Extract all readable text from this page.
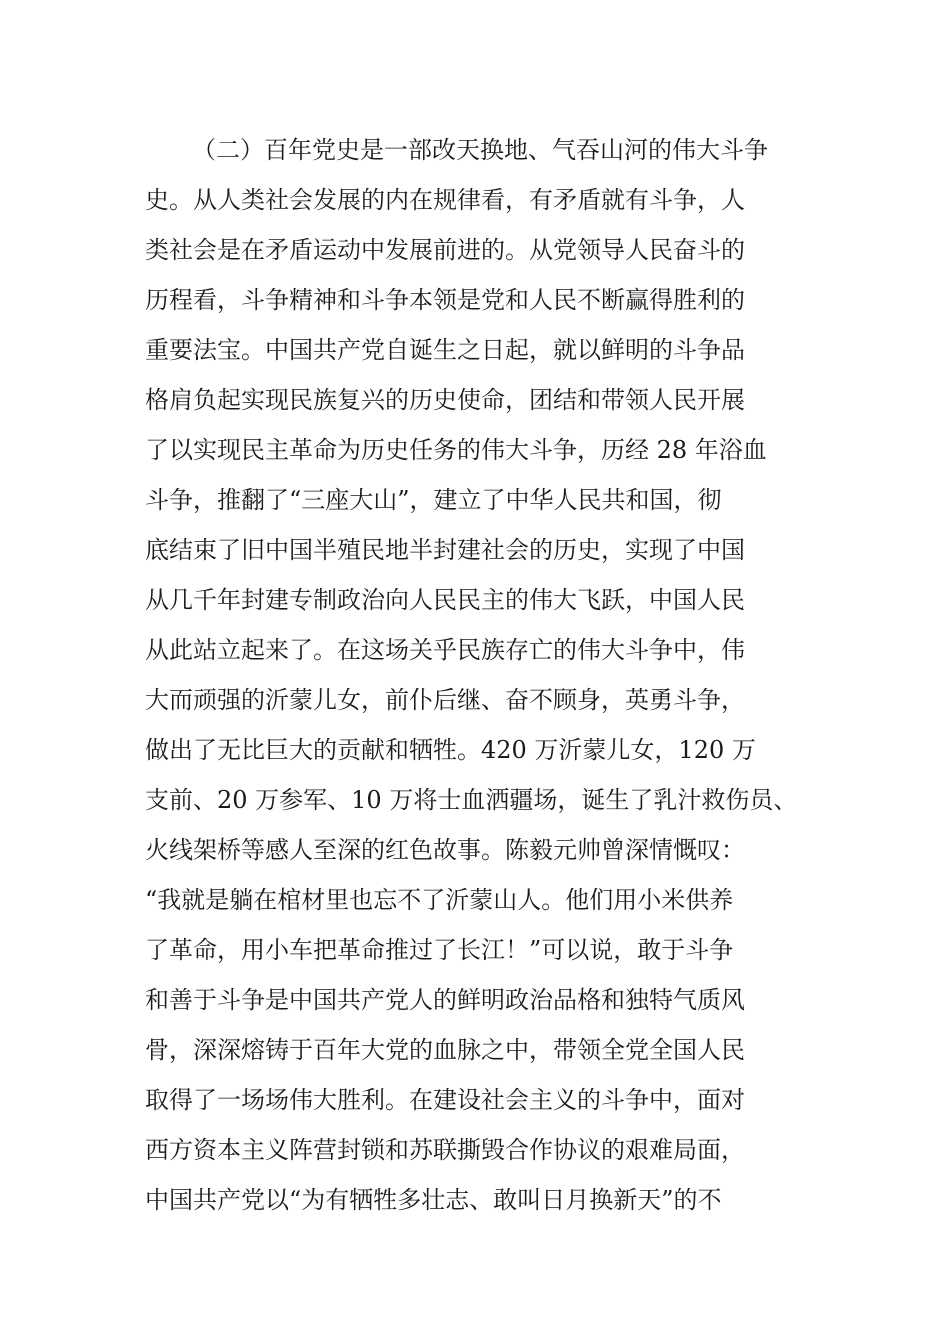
（二）百年党史是一部改天换地、气吞山河的伟大斗争
史。从人类社会发展的内在规律看，有矛盾就有斗争，人
类社会是在矛盾运动中发展前进的。从党领导人民奋斗的
历程看，斗争精神和斗争本领是党和人民不断赢得胜利的
重要法宝。中国共产党自诞生之日起，就以鲜明的斗争品
格肩负起实现民族复兴的历史使命，团结和带领人民开展
了以实现民主革命为历史任务的伟大斗争，历经 28 年浴血
斗争，推翻了“三座大山”，建立了中华人民共和国，彻
底结束了旧中国半殖民地半封建社会的历史，实现了中国
从几千年封建专制政治向人民民主的伟大飞跃，中国人民
从此站立起来了。在这场关乎民族存亡的伟大斗争中，伟
大而顽强的沂蒙儿女，前仆后继、奋不顾身，英勇斗争，
做出了无比巨大的贡献和牺牲。420 万沂蒙儿女，120 万
支前、20 万参军、10 万将士血洒疆场，诞生了乳汁救伤员、
火线架桥等感人至深的红色故事。陈毅元帅曾深情慨叹：
“我就是躺在棺材里也忘不了沂蒙山人。他们用小米供养
了革命，用小车把革命推过了长江！”可以说，敢于斗争
和善于斗争是中国共产党人的鲜明政治品格和独特气质风
骨，深深熔铸于百年大党的血脉之中，带领全党全国人民
取得了一场场伟大胜利。在建设社会主义的斗争中，面对
西方资本主义阵营封锁和苏联撕毁合作协议的艰难局面，
中国共产党以“为有牺牲多壮志、敢叫日月换新天”的不
